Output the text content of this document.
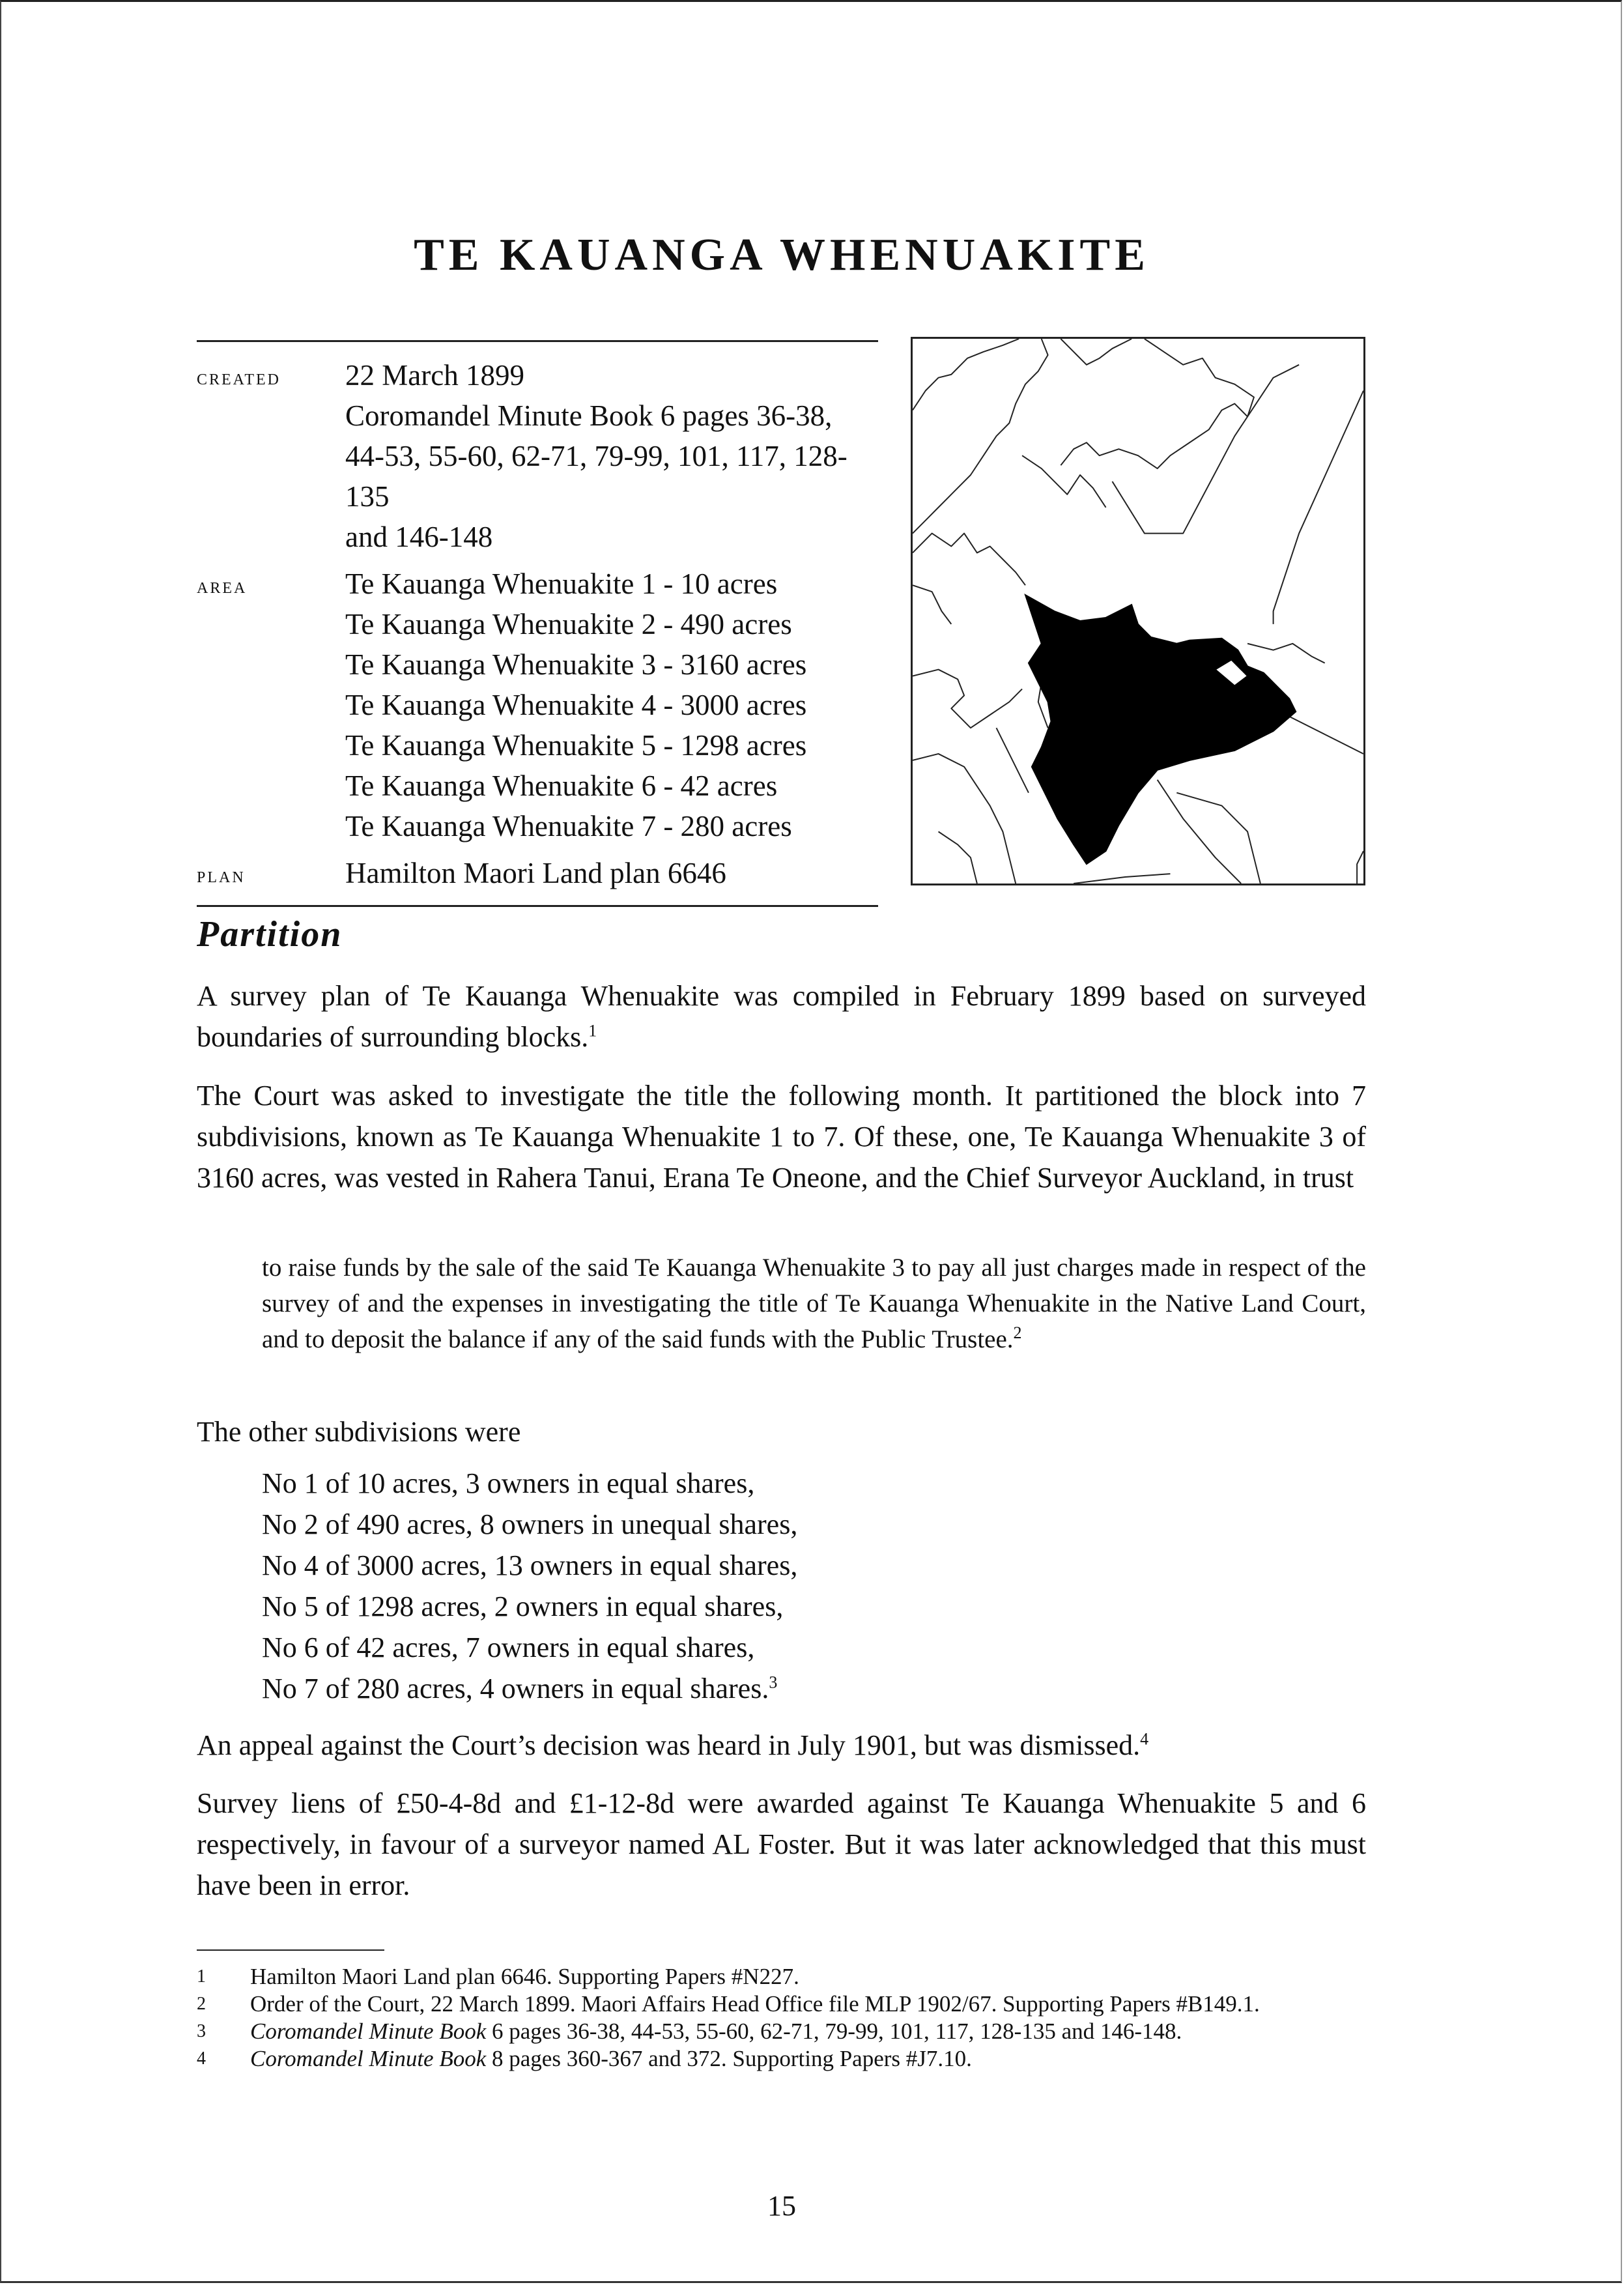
TE KAUANGA WHENUAKITE
created	22 March 1899
Coromandel Minute Book 6 pages 36-38,
44-53, 55-60, 62-71, 79-99, 101, 117, 128-135
and 146-148
area	Te Kauanga Whenuakite 1 - 10 acres
Te Kauanga Whenuakite 2 - 490 acres
Te Kauanga Whenuakite 3 - 3160 acres
Te Kauanga Whenuakite 4 - 3000 acres
Te Kauanga Whenuakite 5 - 1298 acres
Te Kauanga Whenuakite 6 - 42 acres
Te Kauanga Whenuakite 7 - 280 acres
plan	Hamilton Maori Land plan 6646
Partition

A survey plan of Te Kauanga Whenuakite was compiled in February 1899 based on surveyed boundaries of surrounding blocks.$^1$

The Court was asked to investigate the title the following month. It partitioned the block into 7 subdivisions, known as Te Kauanga Whenuakite 1 to 7. Of these, one, Te Kauanga Whenuakite 3 of 3160 acres, was vested in Rahera Tanui, Erana Te Oneone, and the Chief Surveyor Auckland, in trust

to raise funds by the sale of the said Te Kauanga Whenuakite 3 to pay all just charges made in respect of the survey of and the expenses in investigating the title of Te Kauanga Whenuakite in the Native Land Court, and to deposit the balance if any of the said funds with the Public Trustee.$^2$

The other subdivisions were

No 1 of 10 acres, 3 owners in equal shares,
No 2 of 490 acres, 8 owners in unequal shares,
No 4 of 3000 acres, 13 owners in equal shares,
No 5 of 1298 acres, 2 owners in equal shares,
No 6 of 42 acres, 7 owners in equal shares,
No 7 of 280 acres, 4 owners in equal shares.$^3$

An appeal against the Court’s decision was heard in July 1901, but was dismissed.$^4$

Survey liens of £50-4-8d and £1-12-8d were awarded against Te Kauanga Whenuakite 5 and 6 respectively, in favour of a surveyor named AL Foster. But it was later acknowledged that this must have been in error.

1	Hamilton Maori Land plan 6646. Supporting Papers #N227.
2	Order of the Court, 22 March 1899. Maori Affairs Head Office file MLP 1902/67. Supporting Papers #B149.1.
3	Coromandel Minute Book 6 pages 36-38, 44-53, 55-60, 62-71, 79-99, 101, 117, 128-135 and 146-148.
4	Coromandel Minute Book 8 pages 360-367 and 372. Supporting Papers #J7.10.
15
